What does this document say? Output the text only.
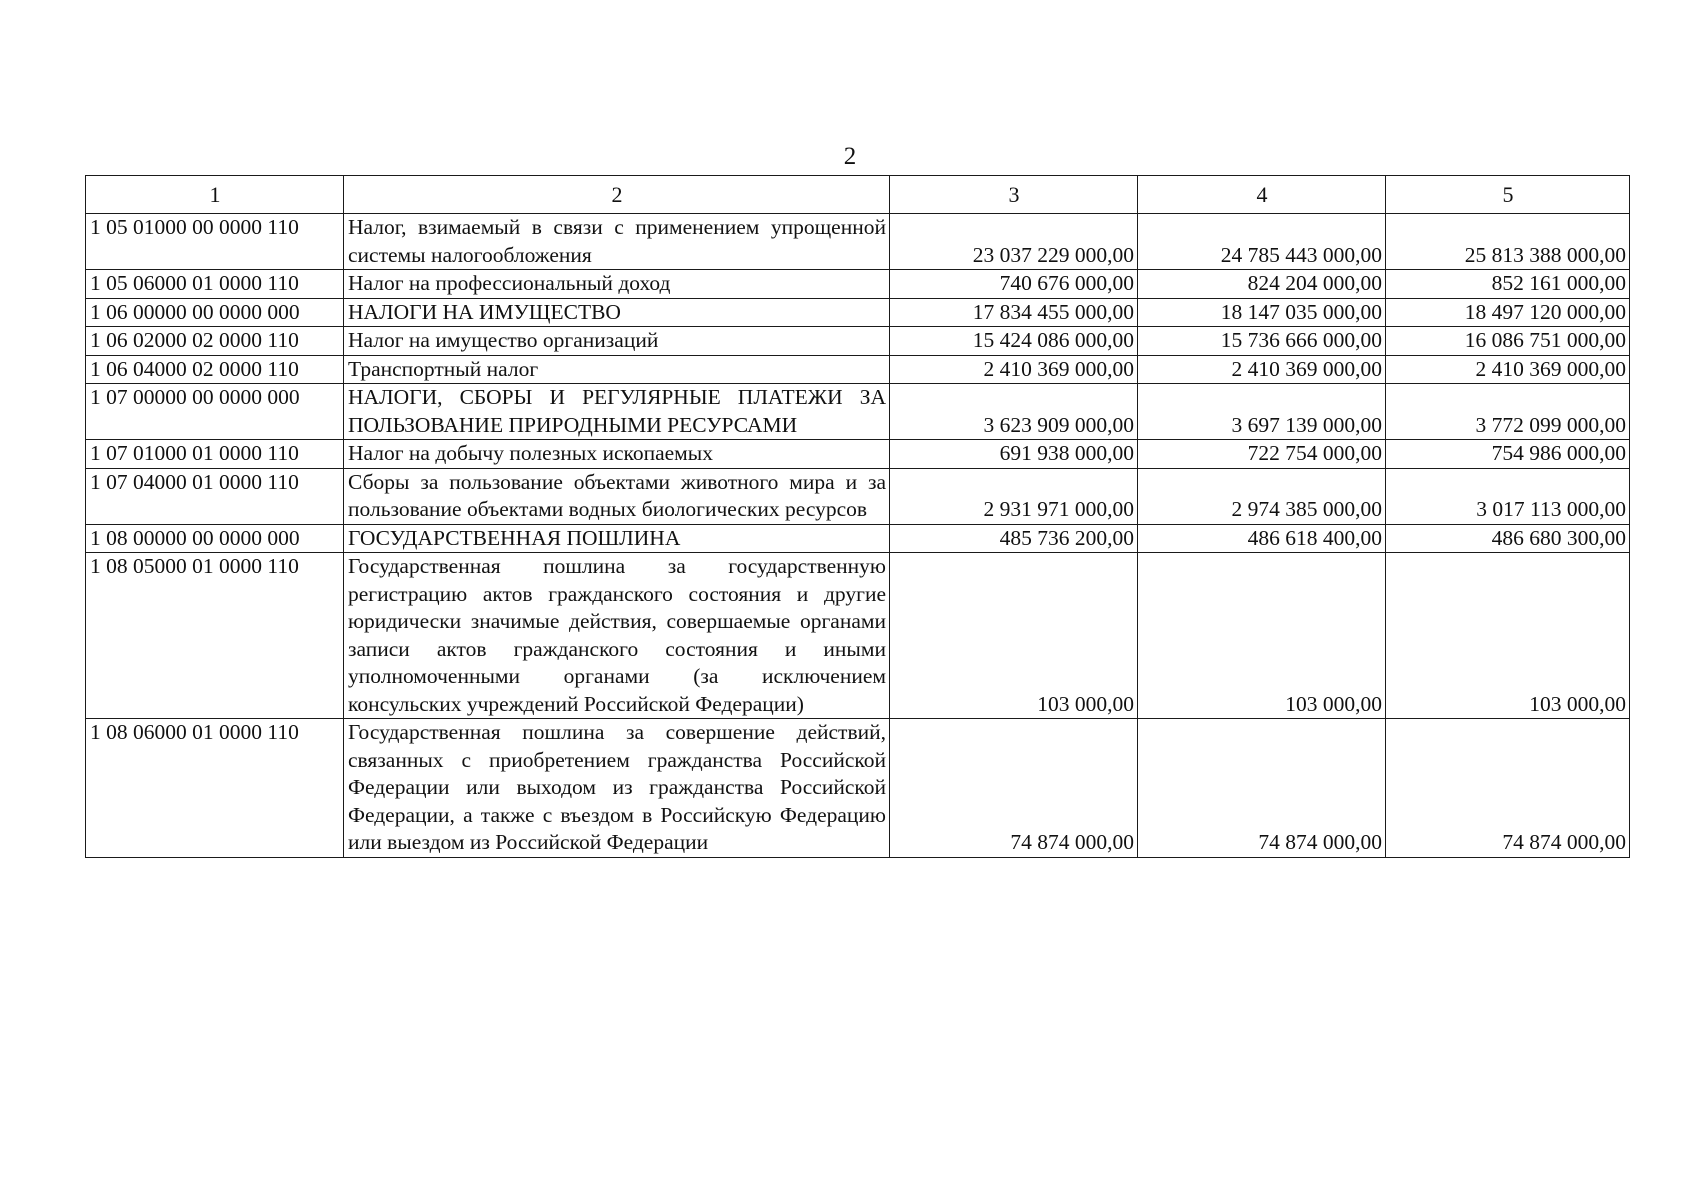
2
1	2	3	4	5
1 05 01000 00 0000 110	Налог, взимаемый в связи с применением упрощенной системы налогообложения	23 037 229 000,00	24 785 443 000,00	25 813 388 000,00
1 05 06000 01 0000 110	Налог на профессиональный доход	740 676 000,00	824 204 000,00	852 161 000,00
1 06 00000 00 0000 000	НАЛОГИ НА ИМУЩЕСТВО	17 834 455 000,00	18 147 035 000,00	18 497 120 000,00
1 06 02000 02 0000 110	Налог на имущество организаций	15 424 086 000,00	15 736 666 000,00	16 086 751 000,00
1 06 04000 02 0000 110	Транспортный налог	2 410 369 000,00	2 410 369 000,00	2 410 369 000,00
1 07 00000 00 0000 000	НАЛОГИ, СБОРЫ И РЕГУЛЯРНЫЕ ПЛАТЕЖИ ЗА ПОЛЬЗОВАНИЕ ПРИРОДНЫМИ РЕСУРСАМИ	3 623 909 000,00	3 697 139 000,00	3 772 099 000,00
1 07 01000 01 0000 110	Налог на добычу полезных ископаемых	691 938 000,00	722 754 000,00	754 986 000,00
1 07 04000 01 0000 110	Сборы за пользование объектами животного мира и за пользование объектами водных биологических ресурсов	2 931 971 000,00	2 974 385 000,00	3 017 113 000,00
1 08 00000 00 0000 000	ГОСУДАРСТВЕННАЯ ПОШЛИНА	485 736 200,00	486 618 400,00	486 680 300,00
1 08 05000 01 0000 110	Государственная пошлина за государственную регистрацию актов гражданского состояния и другие юридически значимые действия, совершаемые органами записи актов гражданского состояния и иными уполномоченными органами (за исключением консульских учреждений Российской Федерации)	103 000,00	103 000,00	103 000,00
1 08 06000 01 0000 110	Государственная пошлина за совершение действий, связанных с приобретением гражданства Российской Федерации или выходом из гражданства Российской Федерации, а также с въездом в Российскую Федерацию или выездом из Российской Федерации	74 874 000,00	74 874 000,00	74 874 000,00
